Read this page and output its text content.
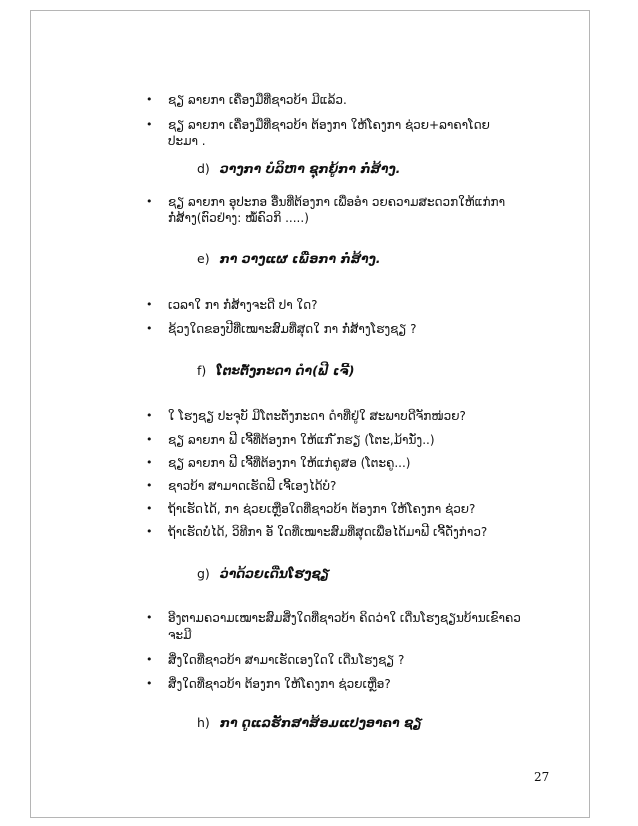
• ຊຽ ລາຍກາ ເຄື່ອງມືທີ່ຊາວບ້າ ມີແລ້ວ.
• ຊຽ ລາຍກາ ເຄື່ອງມືທີ່ຊາວບ້າ ຕ້ອງກາ ໃຫ້ໂຄງກາ ຊ່ວຍ+ລາຄາໂດຍ
ປະມາ .
d) ວາງກາ ບໍລິຫາ ຊຸກຍູ້ກາ ກໍ່ສ້າງ.
• ຊຽ ລາຍກາ ອຸປະກອ ອື່ນທີ່ຕ້ອງກາ ເພື່ອອຳ ວຍຄວາມສະດວກໃຫ້ແກ່ກາ
ກໍ່ສ້າງ(ຕົວຢ່າງ: ໝໍ້ຄົວກິ .....)
e) ກາ ວາງແຜ ເພື່ອກາ ກໍ່ສ້າງ.
• ເວລາໃ ກາ ກໍ່ສ້າງຈະດີ ປາ ໃດ?
• ຊ້ວງໃດຂອງປີທີ່ເໝາະສົມທີ່ສຸດໃ ກາ ກໍ່ສ້າງໂຮງຊຽ ?
f) ໂຕະຕັ່ງກະດາ ດຳ(ຟີ ເຈີ້)
• ໃ ໂຮງຊຽ ປະຈຸບັ ມີໂຕະຕັ່ງກະດາ ດຳທີ່ຢູ່ໃ ສະພາບດີຈັກໜ່ວຍ?
• ຊຽ ລາຍກາ ຟີ ເຈີ້ທີ່ຕ້ອງກາ ໃຫ້ແກ່ ັກຮຽ (ໂຕະ,ມ້ານັ່ງ..)
• ຊຽ ລາຍກາ ຟີ ເຈີ້ທີ່ຕ້ອງກາ ໃຫ້ແກ່ຄູສອ (ໂຕະຄູ...)
• ຊາວບ້າ ສາມາດເຮັດຟີ ເຈີ້ເອງໄດ້ບໍ?
• ຖ້າເຮັດໄດ້, ກາ ຊ່ວຍເຫຼືອໃດທີ່ຊາວບ້າ ຕ້ອງກາ ໃຫ້ໂຄງກາ ຊ່ວຍ?
• ຖ້າເຮັດບໍ່ໄດ້, ວິທີກາ ອັ ໃດທີ່ເໝາະສົມທີ່ສຸດເພື່ອໄດ້ມາຟີ ເຈີ້ດັ່ງກ່າວ?
g) ວ່າດ້ວຍເດີ່ນໂຮງຊຽ
• ອີງຕາມຄວາມເໝາະສົມສິ່ງໃດທີ່ຊາວບ້າ ຄິດວ່າໃ ເດີ່ນໂຮງຊຽນບ້ານເຂົາຄວ
ຈະມີ
• ສິ່ງໃດທີ່ຊາວບ້າ ສາມາເຮັດເອງໃດໃ ເດີ່ນໂຮງຊຽ ?
• ສິ່ງໃດທີ່ຊາວບ້າ ຕ້ອງກາ ໃຫ້ໂຄງກາ ຊ່ວຍເຫຼືອ?
h) ກາ ດູແລຮັກສາສ້ອມແປງອາຄາ ຊຽ
27
